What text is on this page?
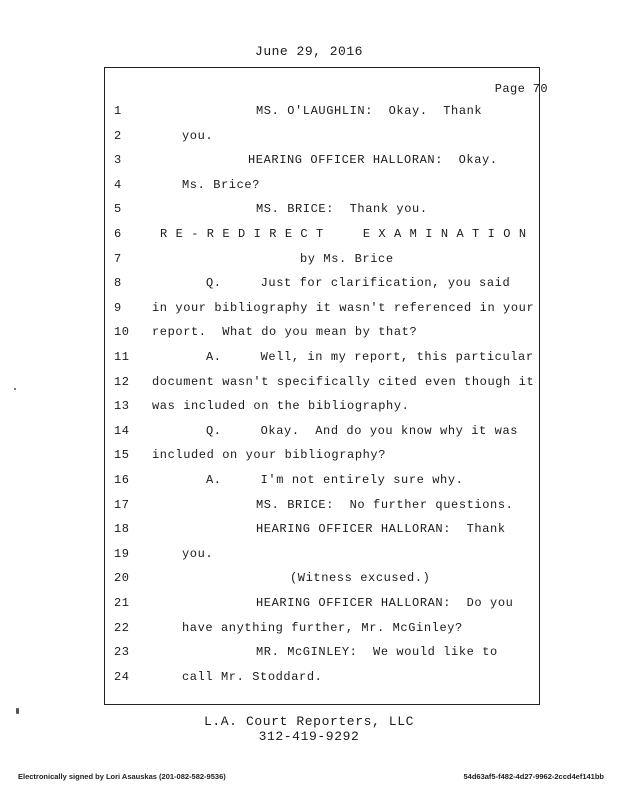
June 29, 2016
Page 70
1	MS. O'LAUGHLIN:  Okay.  Thank
2	you.
3	HEARING OFFICER HALLORAN:  Okay.
4	Ms. Brice?
5	MS. BRICE:  Thank you.
6	R E - R E D I R E C T     E X A M I N A T I O N
7	by Ms. Brice
8	Q.     Just for clarification, you said
9	in your bibliography it wasn't referenced in your
10	report.  What do you mean by that?
11	A.     Well, in my report, this particular
12	document wasn't specifically cited even though it
13	was included on the bibliography.
14	Q.     Okay.  And do you know why it was
15	included on your bibliography?
16	A.     I'm not entirely sure why.
17	MS. BRICE:  No further questions.
18	HEARING OFFICER HALLORAN:  Thank
19	you.
20	(Witness excused.)
21	HEARING OFFICER HALLORAN:  Do you
22	have anything further, Mr. McGinley?
23	MR. McGINLEY:  We would like to
24	call Mr. Stoddard.
L.A. Court Reporters, LLC
312-419-9292
Electronically signed by Lori Asauskas (201-082-582-9536)	54d63af5-f482-4d27-9962-2ccd4ef141bb
